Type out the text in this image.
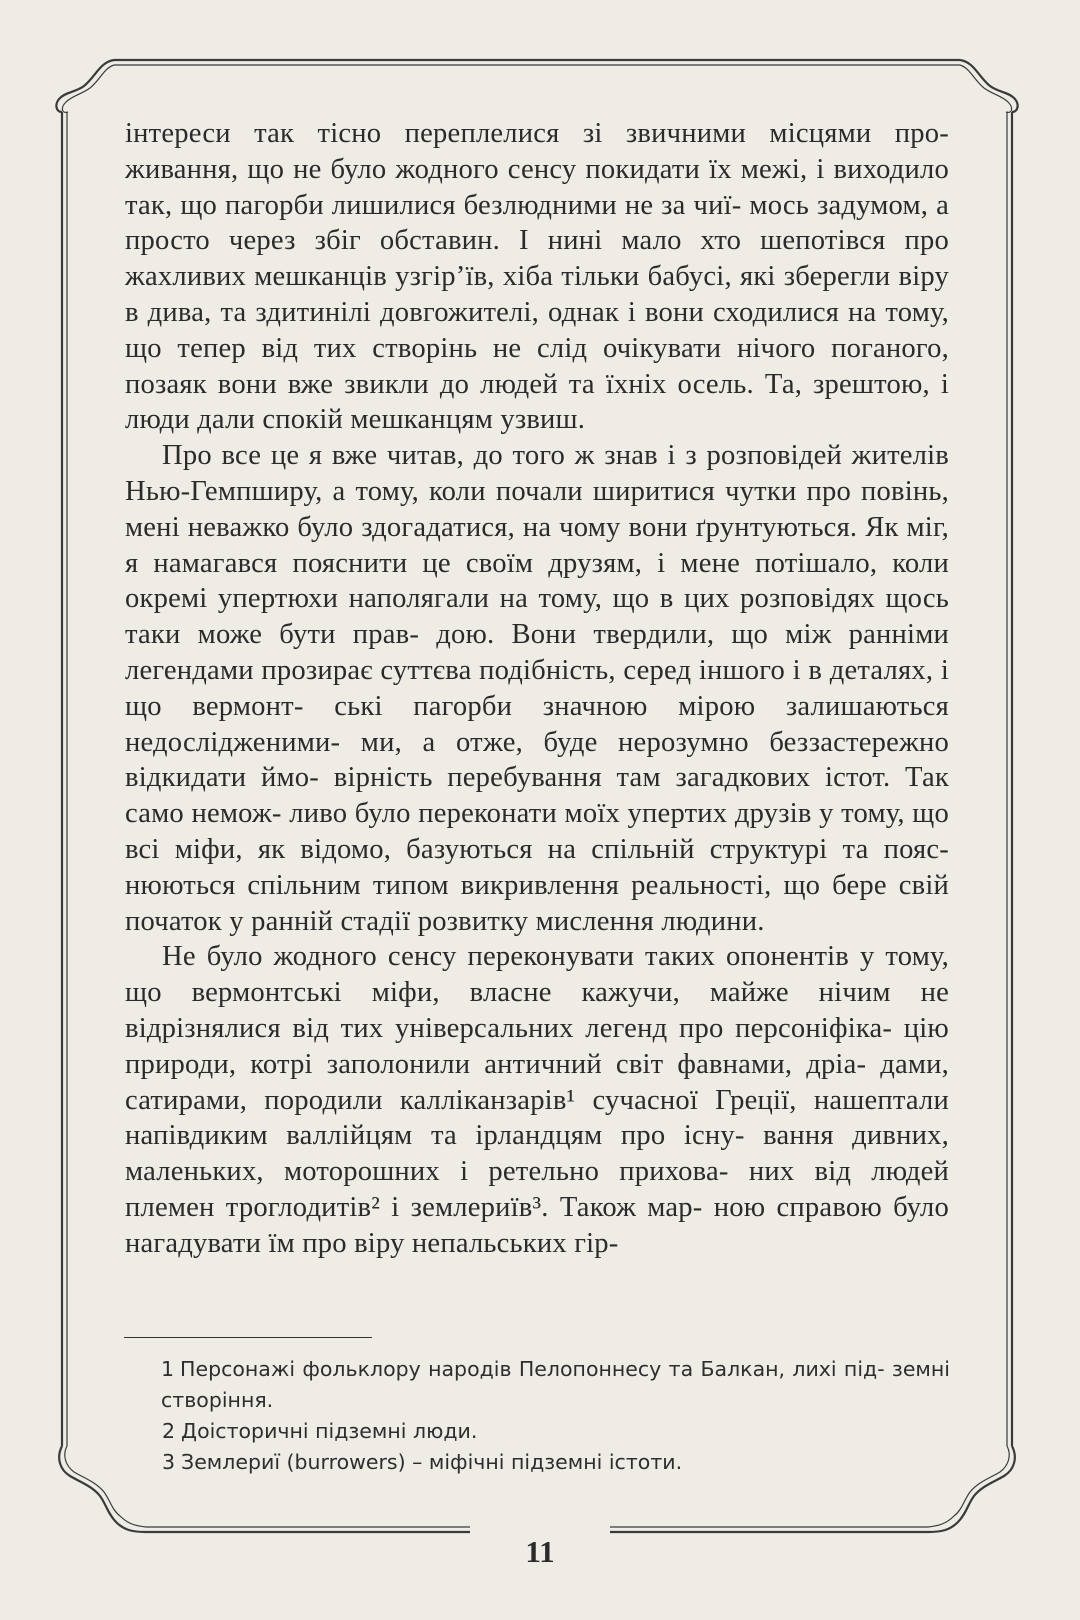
інтереси так тісно переплелися зі звичними місцями про- живання, що не було жодного сенсу покидати їх межі, і виходило так, що пагорби лишилися безлюдними не за чиї- мось задумом, а просто через збіг обставин. І нині мало хто шепотівся про жахливих мешканців узгір’їв, хіба тільки бабусі, які зберегли віру в дива, та здитинілі довгожителі, однак і вони сходилися на тому, що тепер від тих створінь не слід очікувати нічого поганого, позаяк вони вже звикли до людей та їхніх осель. Та, зрештою, і люди дали спокій мешканцям узвиш.

Про все це я вже читав, до того ж знав і з розповідей жителів Нью-Гемпширу, а тому, коли почали ширитися чутки про повінь, мені неважко було здогадатися, на чому вони ґрунтуються. Як міг, я намагався пояснити це своїм друзям, і мене потішало, коли окремі упертюхи наполягали на тому, що в цих розповідях щось таки може бути прав- дою. Вони твердили, що між ранніми легендами прозирає суттєва подібність, серед іншого і в деталях, і що вермонт- ські пагорби значною мірою залишаються недослідженими- ми, а отже, буде нерозумно беззастережно відкидати ймо- вірність перебування там загадкових істот. Так само немож- ливо було переконати моїх упертих друзів у тому, що всі міфи, як відомо, базуються на спільній структурі та пояс- нюються спільним типом викривлення реальності, що бере свій початок у ранній стадії розвитку мислення людини.

Не було жодного сенсу переконувати таких опонентів у тому, що вермонтські міфи, власне кажучи, майже нічим не відрізнялися від тих універсальних легенд про персоніфіка- цію природи, котрі заполонили античний світ фавнами, дріа- дами, сатирами, породили калліканзарів¹ сучасної Греції, нашептали напівдиким валлійцям та ірландцям про існу- вання дивних, маленьких, моторошних і ретельно прихова- них від людей племен троглодитів² і землериїв³. Також мар- ною справою було нагадувати їм про віру непальських гір-

1 Персонажі фольклору народів Пелопоннесу та Балкан, лихі під- земні створіння.

2 Доісторичні підземні люди.

3 Землериї (burrowers) – міфічні підземні істоти.

11
